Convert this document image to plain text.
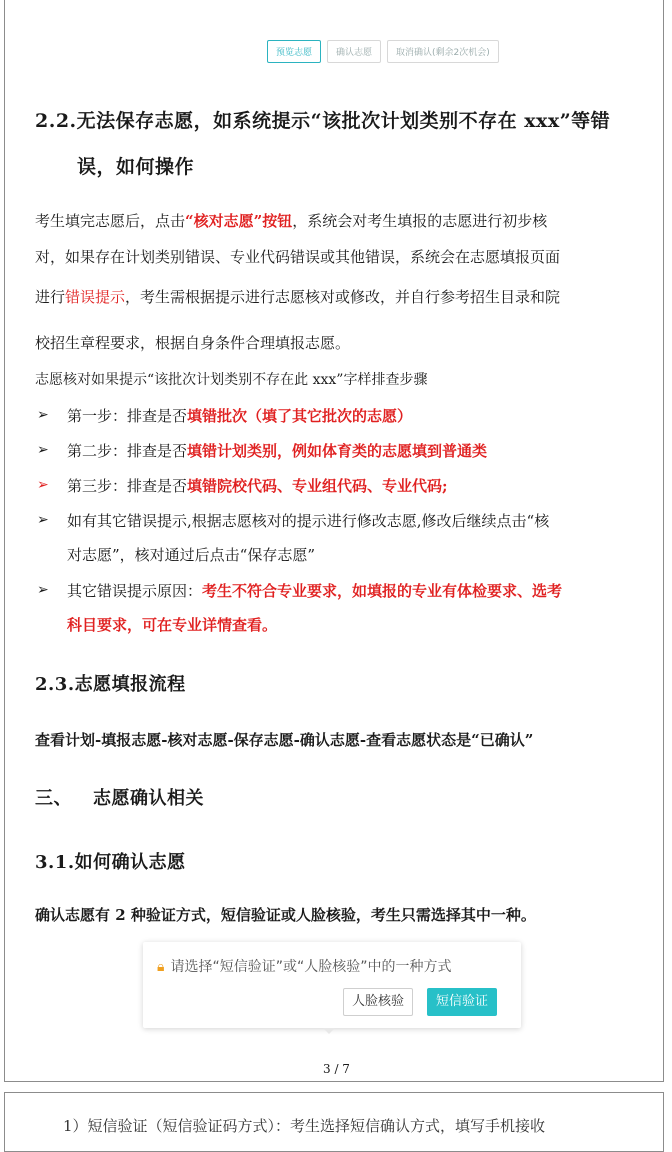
预览志愿	确认志愿	取消确认(剩余2次机会)
2.2.无法保存志愿，如系统提示“该批次计划类别不存在 xxx”等错
误，如何操作
考生填完志愿后，点击“核对志愿”按钮，系统会对考生填报的志愿进行初步核
对，如果存在计划类别错误、专业代码错误或其他错误，系统会在志愿填报页面
进行错误提示，考生需根据提示进行志愿核对或修改，并自行参考招生目录和院
校招生章程要求，根据自身条件合理填报志愿。
志愿核对如果提示“该批次计划类别不存在此 xxx”字样排查步骤
➢ 第一步：排查是否填错批次（填了其它批次的志愿）
➢ 第二步：排查是否填错计划类别，例如体育类的志愿填到普通类
➢ 第三步：排查是否填错院校代码、专业组代码、专业代码;
➢ 如有其它错误提示,根据志愿核对的提示进行修改志愿,修改后继续点击“核
对志愿”，核对通过后点击“保存志愿”
➢ 其它错误提示原因：考生不符合专业要求，如填报的专业有体检要求、选考
科目要求，可在专业详情查看。
2.3.志愿填报流程
查看计划-填报志愿-核对志愿-保存志愿-确认志愿-查看志愿状态是“已确认”
三、 志愿确认相关
3.1.如何确认志愿
确认志愿有 2 种验证方式，短信验证或人脸核验，考生只需选择其中一种。
🔒︎ 请选择“短信验证”或“人脸核验”中的一种方式
人脸核验	短信验证
3 / 7
1）短信验证（短信验证码方式）：考生选择短信确认方式，填写手机接收
